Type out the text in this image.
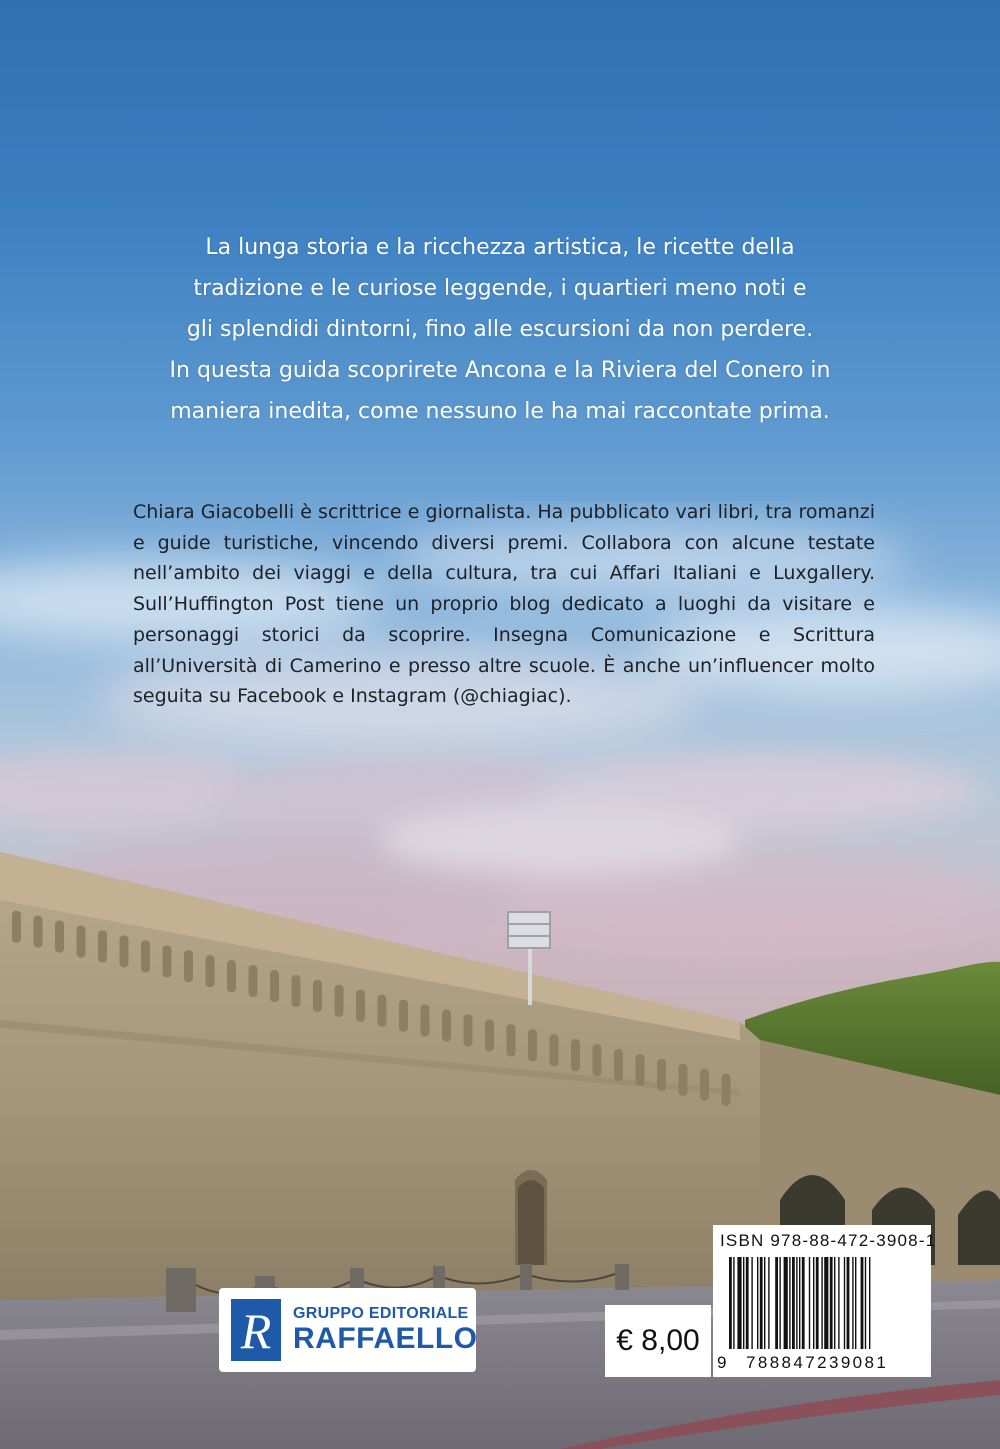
La lunga storia e la ricchezza artistica, le ricette della
tradizione e le curiose leggende, i quartieri meno noti e
gli splendidi dintorni, fino alle escursioni da non perdere.
In questa guida scoprirete Ancona e la Riviera del Conero in
maniera inedita, come nessuno le ha mai raccontate prima.

Chiara Giacobelli è scrittrice e giornalista. Ha pubblicato vari libri, tra romanzi e guide turistiche, vincendo diversi premi. Collabora con alcune testate nell’ambito dei viaggi e della cultura, tra cui Affari Italiani e Luxgallery. Sull’Huffington Post tiene un proprio blog dedicato a luoghi da visitare e personaggi storici da scoprire. Insegna Comunicazione e Scrittura all’Università di Camerino e presso altre scuole. È anche un’influencer molto seguita su Facebook e Instagram (@chiagiac).

R GRUPPO EDITORIALE
RAFFAELLO	€ 8,00
ISBN 978-88-472-3908-1
9 788847239081
